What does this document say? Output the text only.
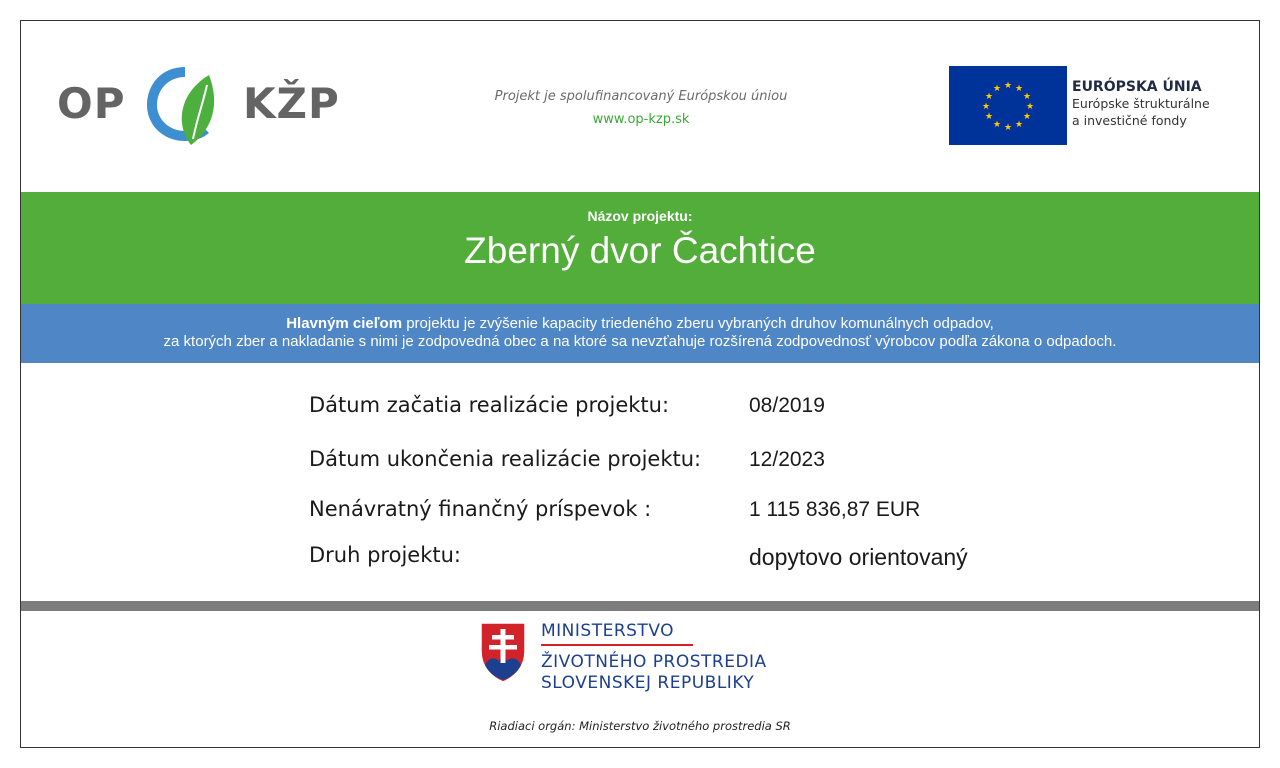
OP	KŽP	Projekt je spolufinancovaný Európskou úniou
www.op-kzp.sk
★ ★
★
★
★
★
★
★
★
★
★
★	EURÓPSKA ÚNIA
Európske štrukturálne
a investičné fondy
Názov projektu:
Zberný dvor Čachtice
Hlavným cieľom projektu je zvýšenie kapacity triedeného zberu vybraných druhov komunálnych odpadov,
za ktorých zber a nakladanie s nimi je zodpovedná obec a na ktoré sa nevzťahuje rozšírená zodpovednosť výrobcov podľa zákona o odpadoch.
Dátum začatia realizácie projektu:	08/2019
Dátum ukončenia realizácie projektu: 12/2023
Nenávratný finančný príspevok :	1 115 836,87 EUR
Druh projektu:	dopytovo orientovaný
MINISTERSTVO
ŽIVOTNÉHO PROSTREDIA
SLOVENSKEJ REPUBLIKY
Riadiaci orgán: Ministerstvo životného prostredia SR
